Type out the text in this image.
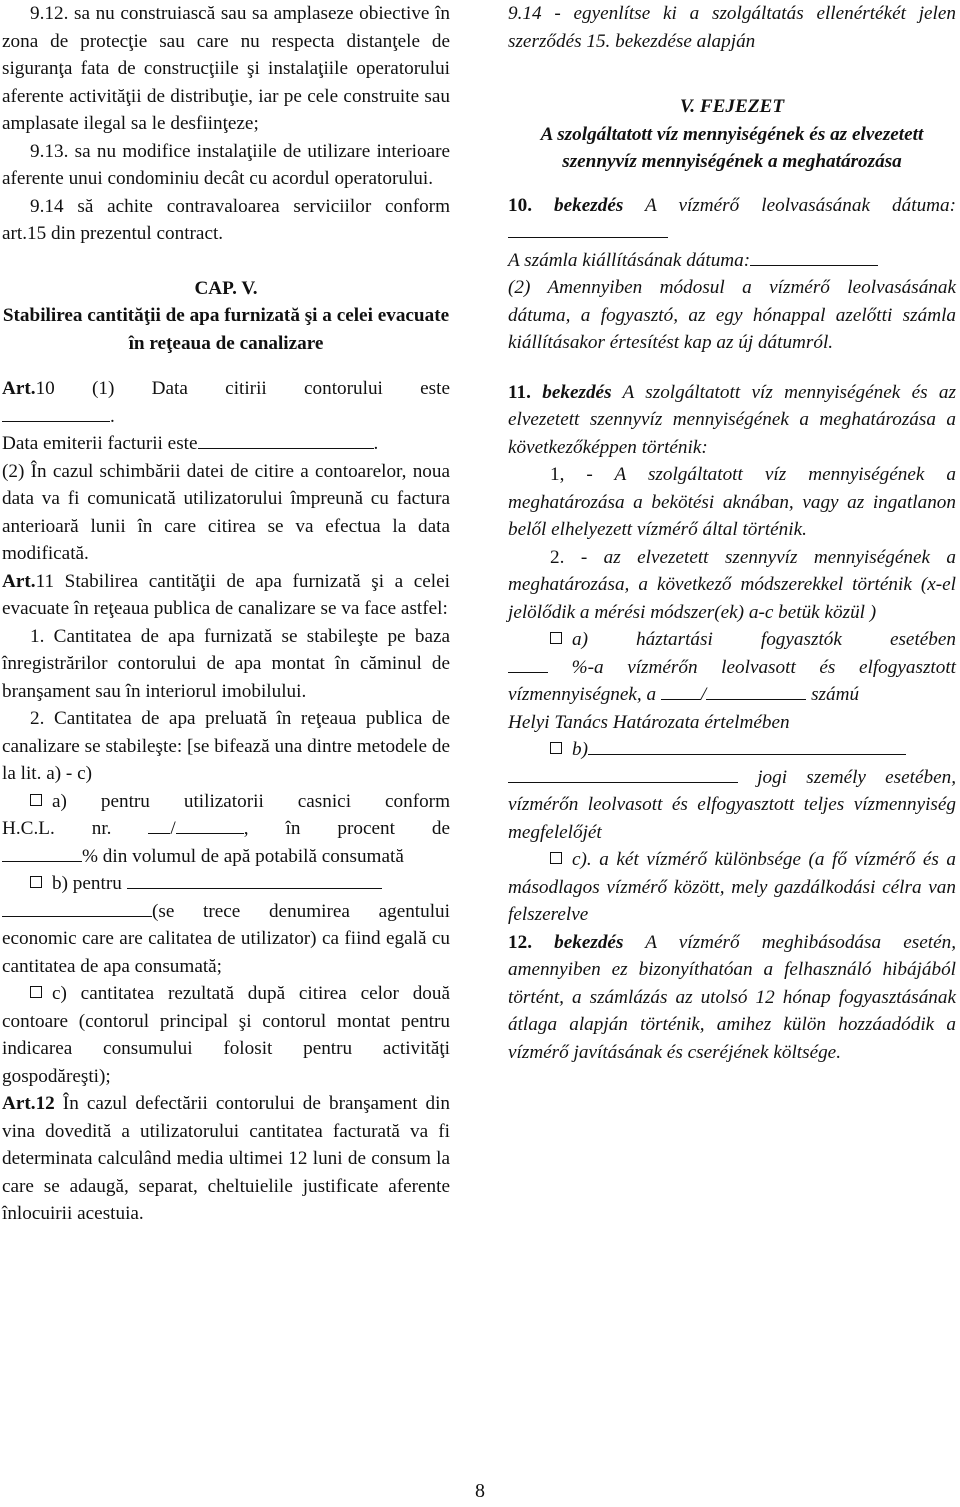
9.12. sa nu construiască sau sa amplaseze obiective în zona de protecţie sau care nu respecta distanţele de siguranţa fata de construcţiile şi instalaţiile operatorului aferente activităţii de distribuţie, iar pe cele construite sau amplasate ilegal sa le desfiinţeze;

9.13. sa nu modifice instalaţiile de utilizare interioare aferente unui condominiu decât cu acordul operatorului.

9.14 să achite contravaloarea serviciilor conform art.15 din prezentul contract.

CAP. V.

Stabilirea cantităţii de apa furnizată şi a celei evacuate în reţeaua de canalizare

Art.10 (1) Data citirii contorului este

.

Data emiterii facturii este	.

(2) În cazul schimbării datei de citire a contoarelor, noua data va fi comunicată utilizatorului împreună cu factura anterioară lunii în care citirea se va efectua la data modificată.

Art.11 Stabilirea cantităţii de apa furnizată şi a celei evacuate în reţeaua publica de canalizare se va face astfel:

1. Cantitatea de apa furnizată se stabileşte pe baza înregistrărilor contorului de apa montat în căminul de branşament sau în interiorul imobilului.

2. Cantitatea de apa preluată în reţeaua publica de canalizare se stabileşte: [se bifează una dintre metodele de la lit. a) - c)

a) pentru utilizatorii casnici conform

H.C.L. nr.	/	, în procent de

% din volumul de apă potabilă consumată

b) pentru

(se trece denumirea agentului economic care are calitatea de utilizator) ca fiind egală cu cantitatea de apa consumată;

c) cantitatea rezultată după citirea celor două contoare (contorul principal şi contorul montat pentru indicarea consumului folosit pentru activităţi gospodăreşti);

Art.12 În cazul defectării contorului de branşament din vina dovedită a utilizatorului cantitatea facturată va fi determinata calculând media ultimei 12 luni de consum la care se adaugă, separat, cheltuielile justificate aferente înlocuirii acestuia.

9.14 - egyenlítse ki a szolgáltatás ellenértékét jelen szerződés 15. bekezdése alapján

V. FEJEZET

A szolgáltatott víz mennyiségének és az elvezetett szennyvíz mennyiségének a meghatározása

10. bekezdés A vízmérő leolvasásának dátuma:

A számla kiállításának dátuma:

(2) Amennyiben módosul a vízmérő leolvasásának dátuma, a fogyasztó, az egy hónappal azelőtti számla kiállításakor értesítést kap az új dátumról.

11. bekezdés A szolgáltatott víz mennyiségének és az elvezetett szennyvíz mennyiségének a meghatározása a következőképpen történik:

1, - A szolgáltatott víz mennyiségének a meghatározása a bekötési aknában, vagy az ingatlanon belől elhelyezett vízmérő által történik.

2. - az elvezetett szennyvíz mennyiségének a meghatározása, a következő módszerekkel történik (x-el jelölődik a mérési módszer(ek) a-c betük közül )

a) háztartási fogyasztók esetében

%-a vízmérőn leolvasott és elfogyasztott vízmennyiségnek, a /	számú

Helyi Tanács Határozata értelmében

b)

jogi személy esetében, vízmérőn leolvasott és elfogyasztott teljes vízmennyiség megfelelőjét

c). a két vízmérő különbsége (a fő vízmérő és a másodlagos vízmérő között, mely gazdálkodási célra van felszerelve

12. bekezdés A vízmérő meghibásodása esetén, amennyiben ez bizonyíthatóan a felhasználó hibájából történt, a számlázás az utolsó 12 hónap fogyasztásának átlaga alapján történik, amihez külön hozzáadódik a vízmérő javításának és cseréjének költsége.

8
